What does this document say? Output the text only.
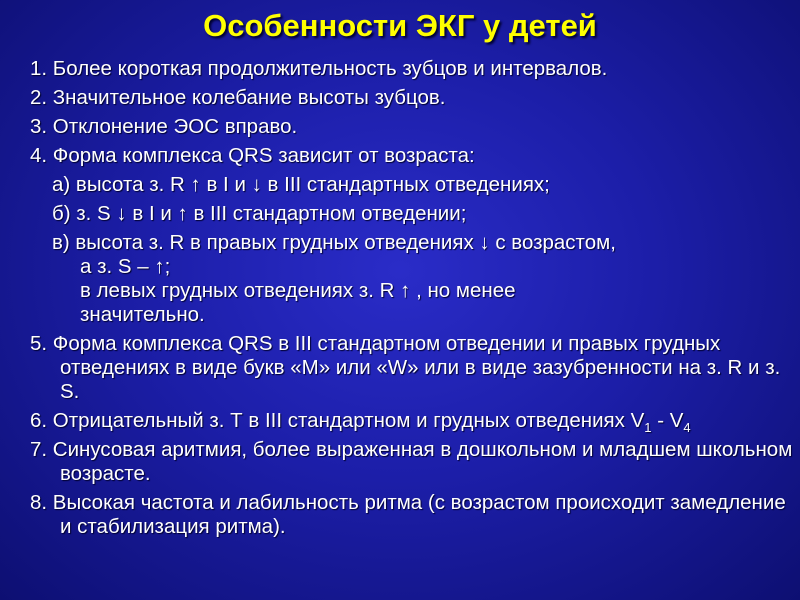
Особенности ЭКГ у детей

1. Более короткая продолжительность зубцов и интервалов.

2. Значительное колебание высоты зубцов.

3. Отклонение ЭОС вправо.

4. Форма комплекса QRS зависит от возраста:

а) высота з. R ↑ в I и ↓ в III стандартных отведениях;

б) з. S ↓ в I и ↑ в III стандартном отведении;

в) высота з. R в правых грудных отведениях ↓ с возрастом,

а з. S – ↑;

в левых грудных отведениях з. R ↑ , но менее

значительно.

5. Форма комплекса QRS в III стандартном отведении и правых грудных отведениях в виде букв «М» или «W» или в виде зазубренности на з. R и з. S.

6. Отрицательный з. Т в III стандартном и грудных отведениях $V_1 - V_4$

7. Синусовая аритмия, более выраженная в дошкольном и младшем школьном возрасте.

8. Высокая частота и лабильность ритма (с возрастом происходит замедление и стабилизация ритма).
